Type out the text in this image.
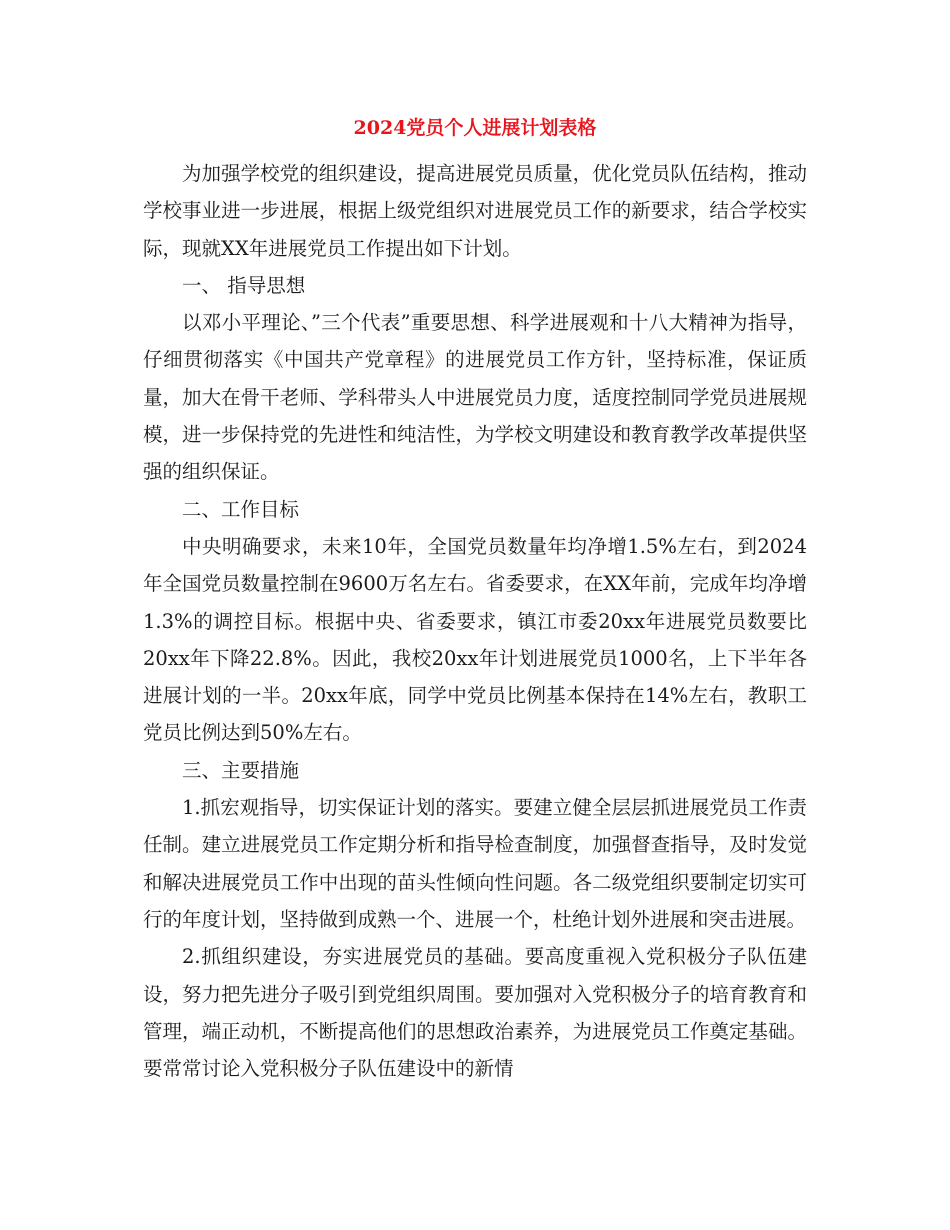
2024党员个人进展计划表格

为加强学校党的组织建设，提高进展党员质量，优化党员队伍结构，推动学校事业进一步进展，根据上级党组织对进展党员工作的新要求，结合学校实际，现就XX年进展党员工作提出如下计划。

一、 指导思想

以邓小平理论、”三个代表”重要思想、科学进展观和十八大精神为指导，仔细贯彻落实《中国共产党章程》的进展党员工作方针，坚持标准，保证质量，加大在骨干老师、学科带头人中进展党员力度，适度控制同学党员进展规模，进一步保持党的先进性和纯洁性，为学校文明建设和教育教学改革提供坚强的组织保证。

二、工作目标

中央明确要求，未来10年，全国党员数量年均净增1.5%左右，到2024年全国党员数量控制在9600万名左右。省委要求，在XX年前，完成年均净增1.3%的调控目标。根据中央、省委要求，镇江市委20xx年进展党员数要比20xx年下降22.8%。因此，我校20xx年计划进展党员1000名，上下半年各进展计划的一半。20xx年底，同学中党员比例基本保持在14%左右，教职工党员比例达到50%左右。

三、主要措施

1.抓宏观指导，切实保证计划的落实。要建立健全层层抓进展党员工作责任制。建立进展党员工作定期分析和指导检查制度，加强督查指导，及时发觉和解决进展党员工作中出现的苗头性倾向性问题。各二级党组织要制定切实可行的年度计划，坚持做到成熟一个、进展一个，杜绝计划外进展和突击进展。

2.抓组织建设，夯实进展党员的基础。要高度重视入党积极分子队伍建设，努力把先进分子吸引到党组织周围。要加强对入党积极分子的培育教育和管理，端正动机，不断提高他们的思想政治素养，为进展党员工作奠定基础。要常常讨论入党积极分子队伍建设中的新情
